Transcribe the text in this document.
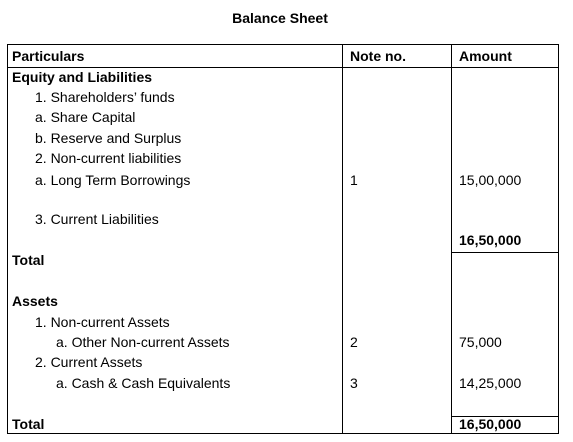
Balance Sheet
Particulars	Note no.	Amount
Equity and Liabilities
1. Shareholders’ funds
a. Share Capital
b. Reserve and Surplus
2. Non-current liabilities
a. Long Term Borrowings
3. Current Liabilities
Total
Assets
1. Non-current Assets
a. Other Non-current Assets
2. Current Assets
a. Cash & Cash Equivalents
Total
1
2
3
15,00,000
16,50,000
75,000
14,25,000
16,50,000
